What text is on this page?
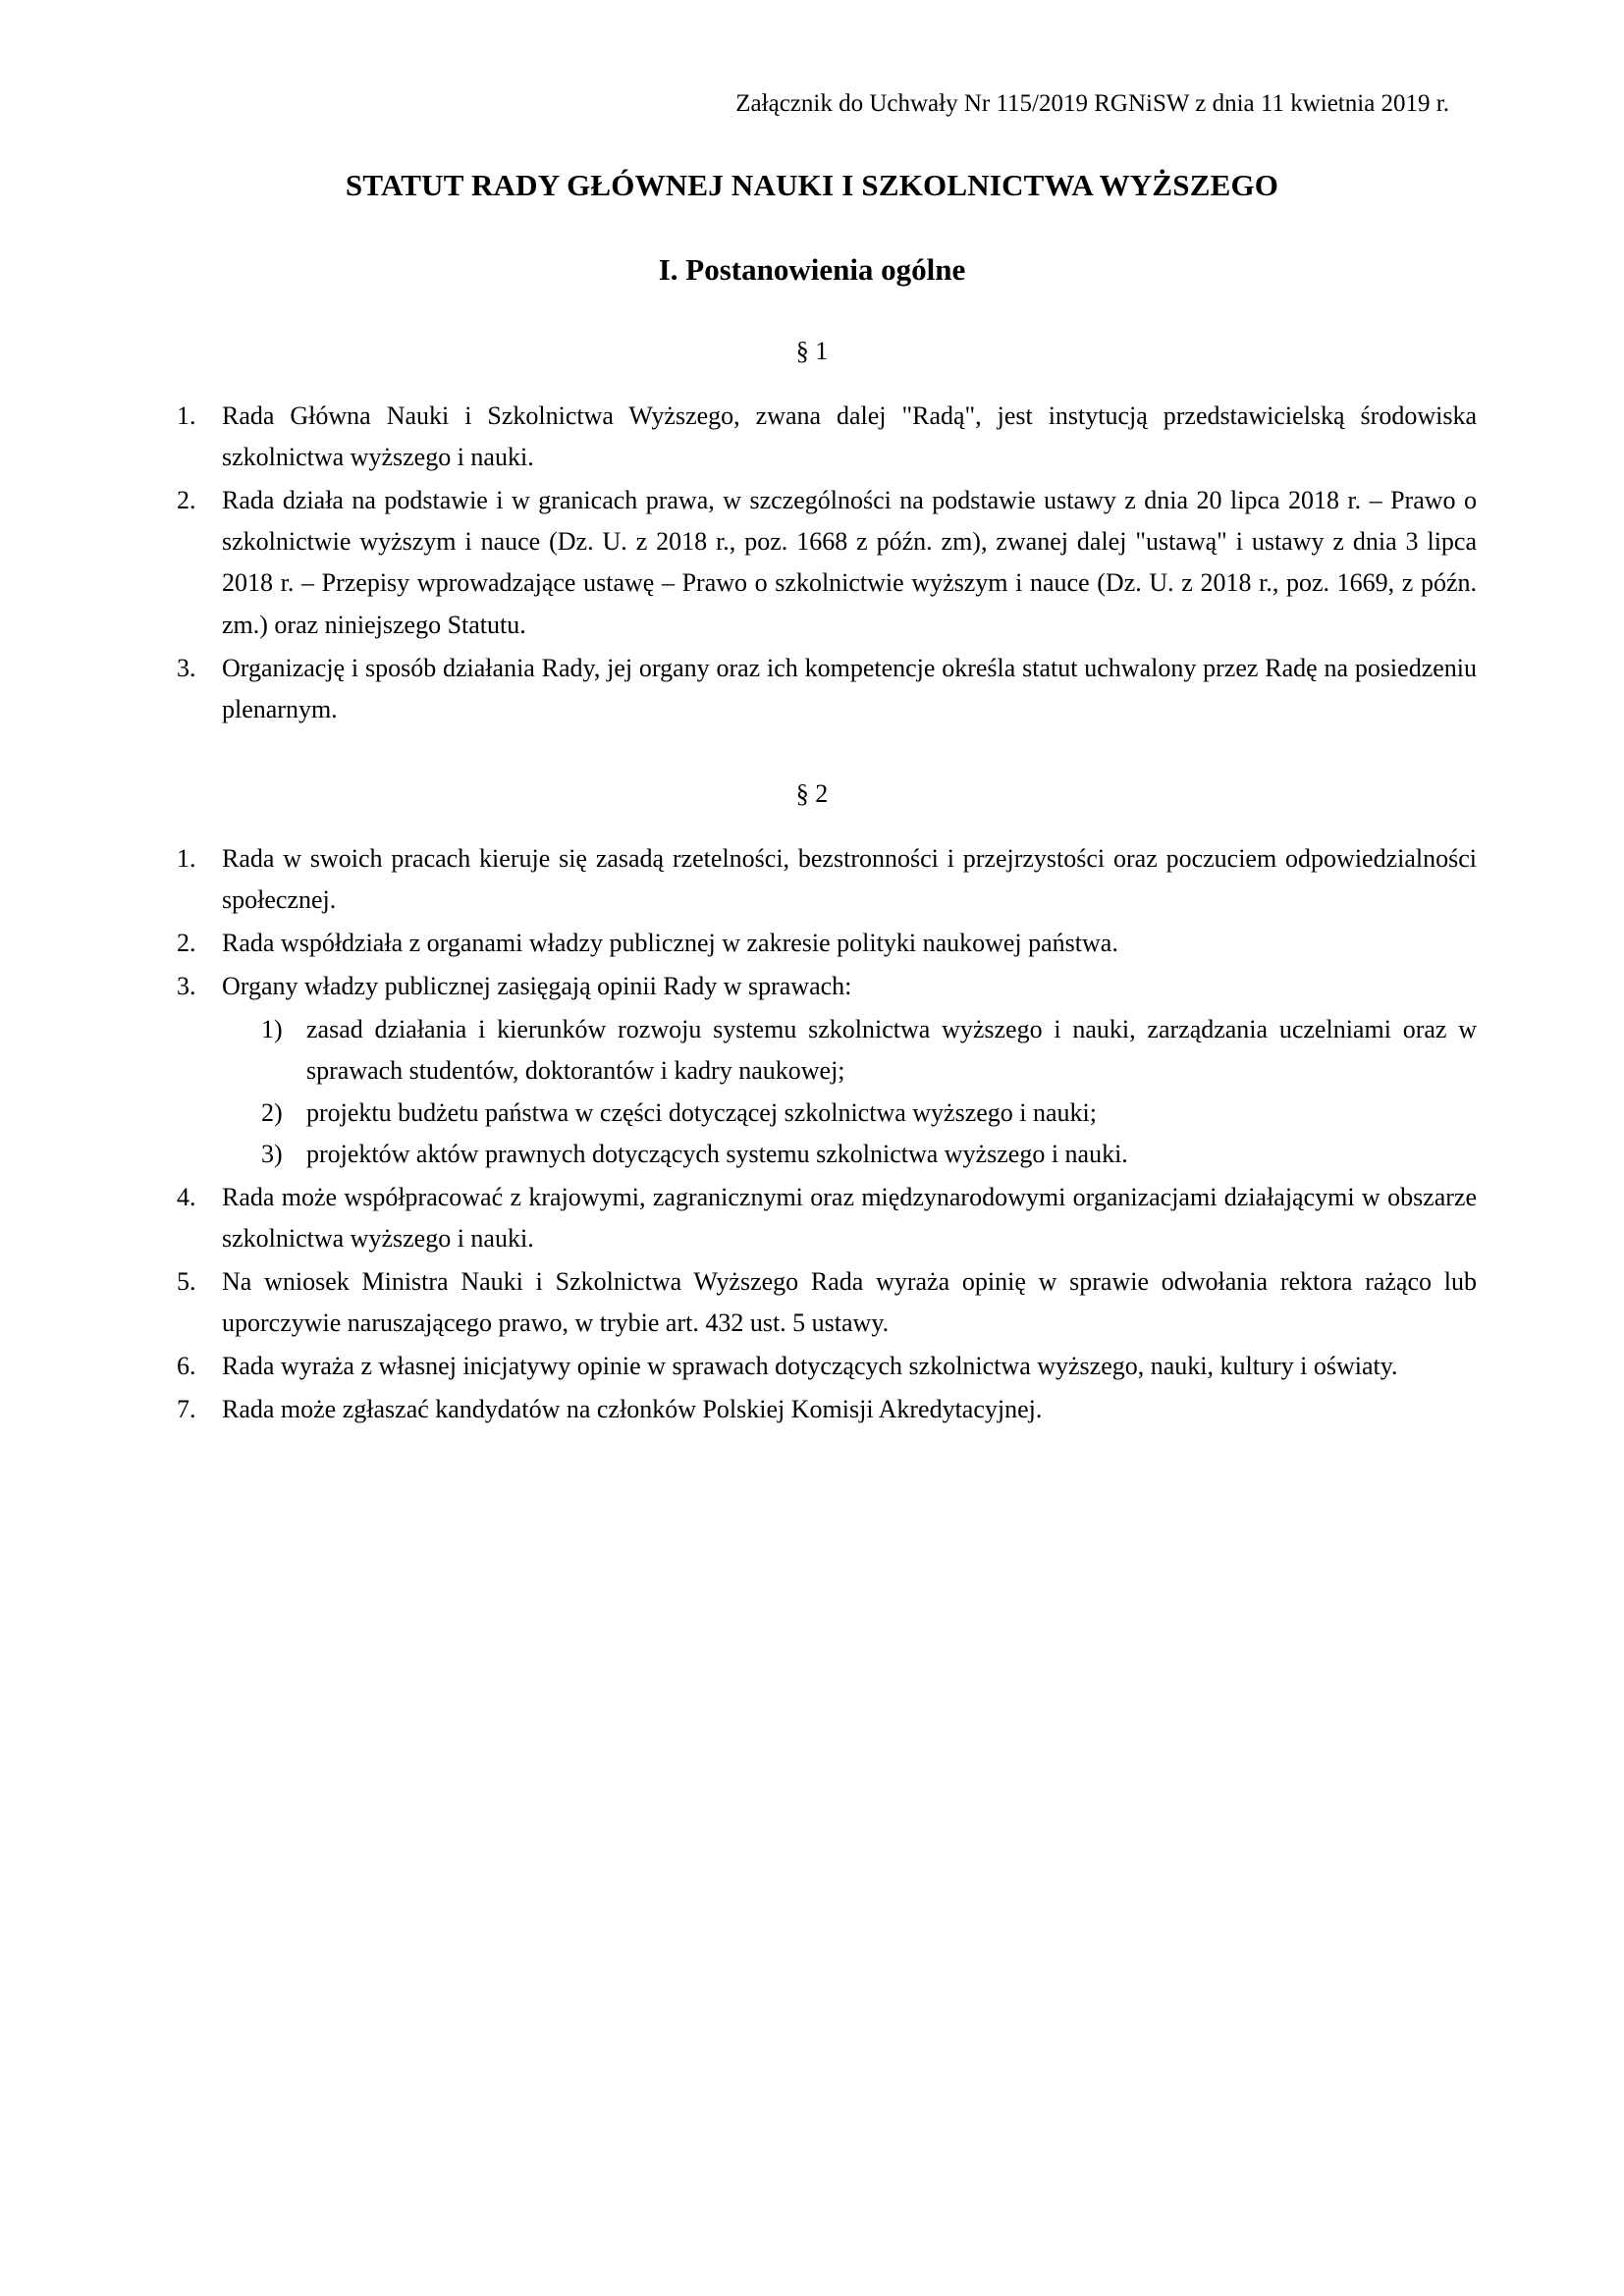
Załącznik do Uchwały Nr 115/2019 RGNiSW z dnia 11 kwietnia 2019 r.

STATUT RADY GŁÓWNEJ NAUKI I SZKOLNICTWA WYŻSZEGO
I. Postanowienia ogólne

§ 1

1. Rada Główna Nauki i Szkolnictwa Wyższego, zwana dalej "Radą", jest instytucją przedstawicielską środowiska szkolnictwa wyższego i nauki.
2. Rada działa na podstawie i w granicach prawa, w szczególności na podstawie ustawy z dnia 20 lipca 2018 r. – Prawo o szkolnictwie wyższym i nauce (Dz. U. z 2018 r., poz. 1668 z późn. zm), zwanej dalej "ustawą" i ustawy z dnia 3 lipca 2018 r. – Przepisy wprowadzające ustawę – Prawo o szkolnictwie wyższym i nauce (Dz. U. z 2018 r., poz. 1669, z późn. zm.) oraz niniejszego Statutu.
3. Organizację i sposób działania Rady, jej organy oraz ich kompetencje określa statut uchwalony przez Radę na posiedzeniu plenarnym.

§ 2

1. Rada w swoich pracach kieruje się zasadą rzetelności, bezstronności i przejrzystości oraz poczuciem odpowiedzialności społecznej.
2. Rada współdziała z organami władzy publicznej w zakresie polityki naukowej państwa.
3. Organy władzy publicznej zasięgają opinii Rady w sprawach:
zasad działania i kierunków rozwoju systemu szkolnictwa wyższego i nauki, zarządzania uczelniami oraz w sprawach studentów, doktorantów i kadry naukowej;
projektu budżetu państwa w części dotyczącej szkolnictwa wyższego i nauki;
projektów aktów prawnych dotyczących systemu szkolnictwa wyższego i nauki.
4. Rada może współpracować z krajowymi, zagranicznymi oraz międzynarodowymi organizacjami działającymi w obszarze szkolnictwa wyższego i nauki.
5. Na wniosek Ministra Nauki i Szkolnictwa Wyższego Rada wyraża opinię w sprawie odwołania rektora rażąco lub uporczywie naruszającego prawo, w trybie art. 432 ust. 5 ustawy.
6. Rada wyraża z własnej inicjatywy opinie w sprawach dotyczących szkolnictwa wyższego, nauki, kultury i oświaty.
7. Rada może zgłaszać kandydatów na członków Polskiej Komisji Akredytacyjnej.
